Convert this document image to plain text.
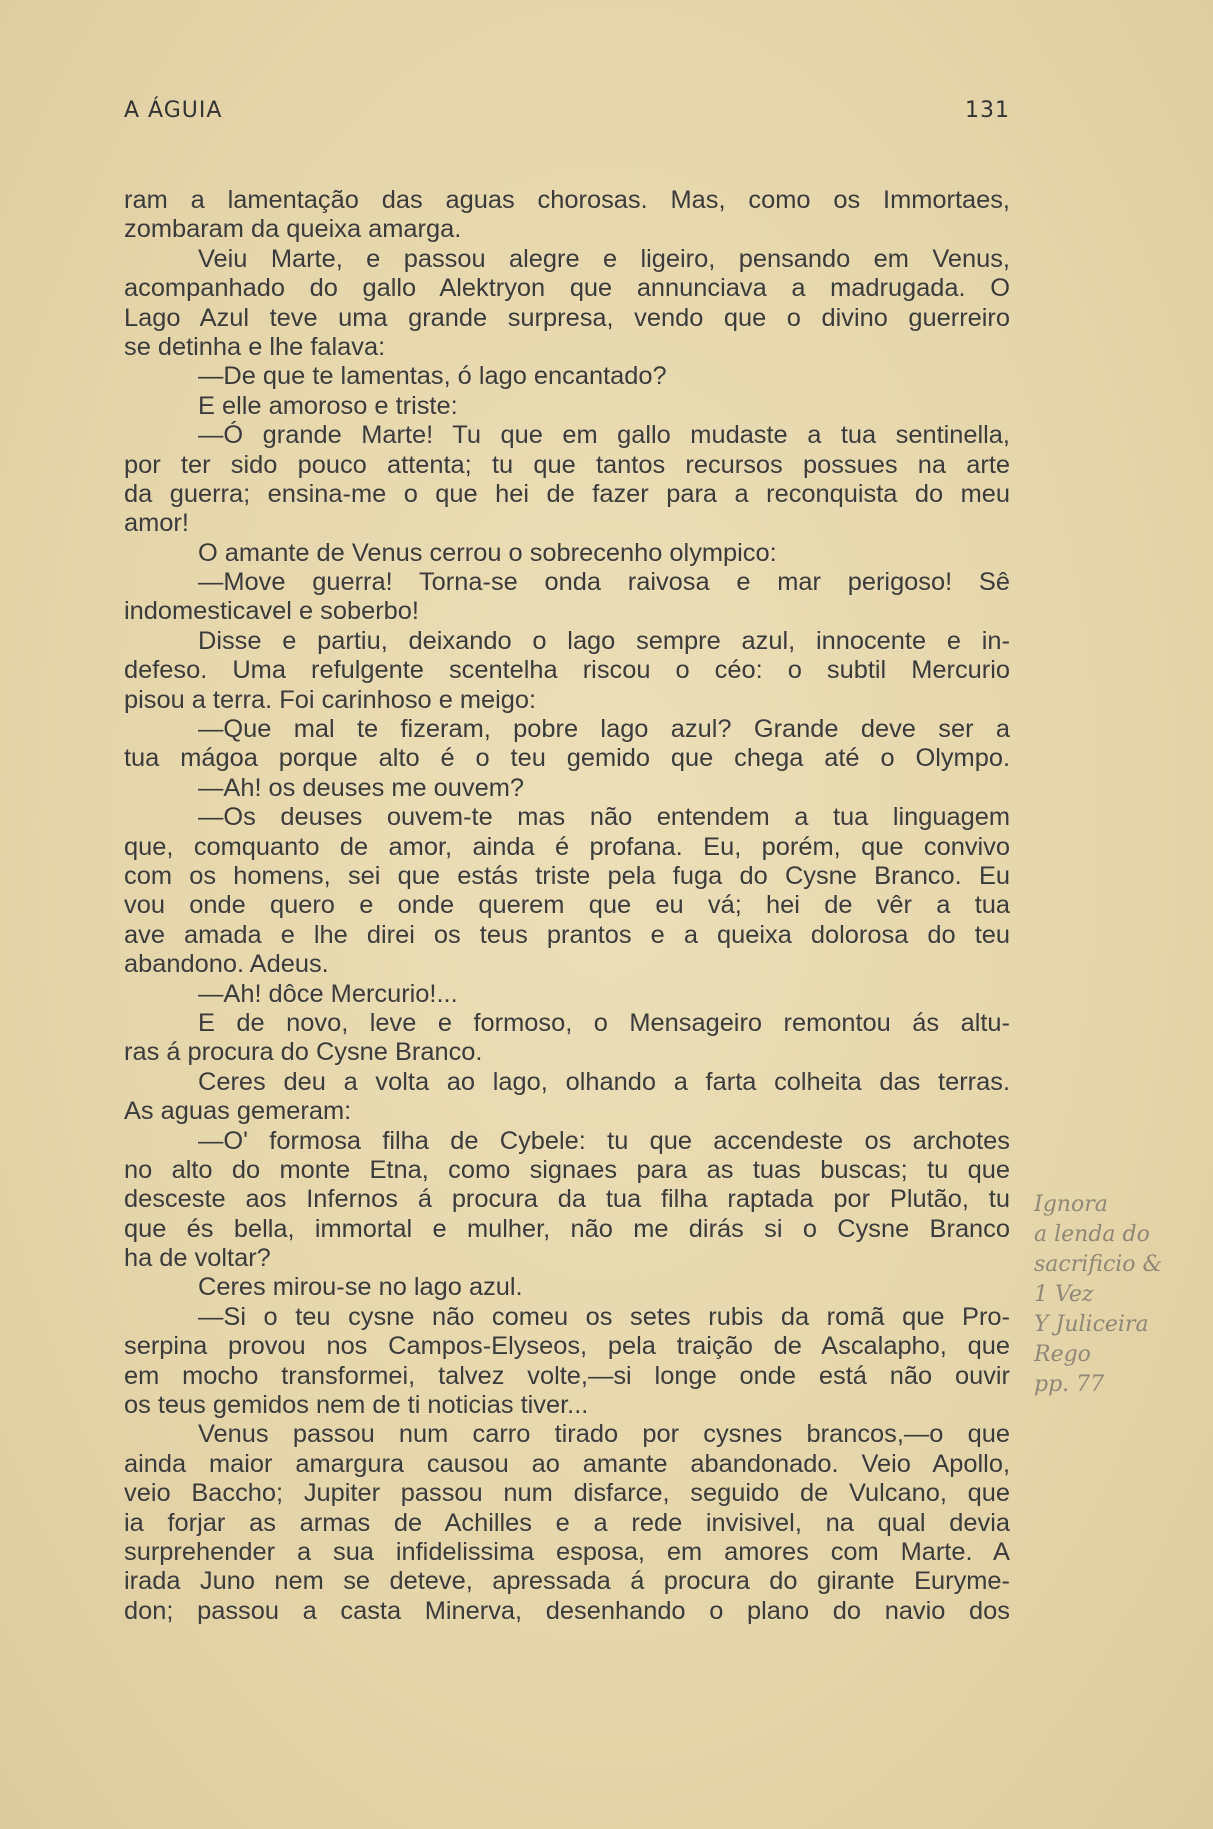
A ÁGUIA	131
ram a lamentação das aguas chorosas. Mas, como os Immortaes,
zombaram da queixa amarga.
Veiu Marte, e passou alegre e ligeiro, pensando em Venus,
acompanhado do gallo Alektryon que annunciava a madrugada. O
Lago Azul teve uma grande surpresa, vendo que o divino guerreiro
se detinha e lhe falava:
—De que te lamentas, ó lago encantado?
E elle amoroso e triste:
—Ó grande Marte! Tu que em gallo mudaste a tua sentinella,
por ter sido pouco attenta; tu que tantos recursos possues na arte
da guerra; ensina-me o que hei de fazer para a reconquista do meu
amor!
O amante de Venus cerrou o sobrecenho olympico:
—Move guerra! Torna-se onda raivosa e mar perigoso! Sê
indomesticavel e soberbo!
Disse e partiu, deixando o lago sempre azul, innocente e in-
defeso. Uma refulgente scentelha riscou o céo: o subtil Mercurio
pisou a terra. Foi carinhoso e meigo:
—Que mal te fizeram, pobre lago azul? Grande deve ser a
tua mágoa porque alto é o teu gemido que chega até o Olympo.
—Ah! os deuses me ouvem?
—Os deuses ouvem-te mas não entendem a tua linguagem
que, comquanto de amor, ainda é profana. Eu, porém, que convivo
com os homens, sei que estás triste pela fuga do Cysne Branco. Eu
vou onde quero e onde querem que eu vá; hei de vêr a tua
ave amada e lhe direi os teus prantos e a queixa dolorosa do teu
abandono. Adeus.
—Ah! dôce Mercurio!...
E de novo, leve e formoso, o Mensageiro remontou ás altu-
ras á procura do Cysne Branco.
Ceres deu a volta ao lago, olhando a farta colheita das terras.
As aguas gemeram:
—O' formosa filha de Cybele: tu que accendeste os archotes
no alto do monte Etna, como signaes para as tuas buscas; tu que
desceste aos Infernos á procura da tua filha raptada por Plutão, tu
que és bella, immortal e mulher, não me dirás si o Cysne Branco
ha de voltar?
Ceres mirou-se no lago azul.
—Si o teu cysne não comeu os setes rubis da romã que Pro-
serpina provou nos Campos-Elyseos, pela traição de Ascalapho, que
em mocho transformei, talvez volte,—si longe onde está não ouvir
os teus gemidos nem de ti noticias tiver...
Venus passou num carro tirado por cysnes brancos,—o que
ainda maior amargura causou ao amante abandonado. Veio Apollo,
veio Baccho; Jupiter passou num disfarce, seguido de Vulcano, que
ia forjar as armas de Achilles e a rede invisivel, na qual devia
surprehender a sua infidelissima esposa, em amores com Marte. A
irada Juno nem se deteve, apressada á procura do girante Euryme-
don; passou a casta Minerva, desenhando o plano do navio dos
Ignora
a lenda do
sacrificio &
1 Vez
Y Juliceira
Rego
pp. 77
